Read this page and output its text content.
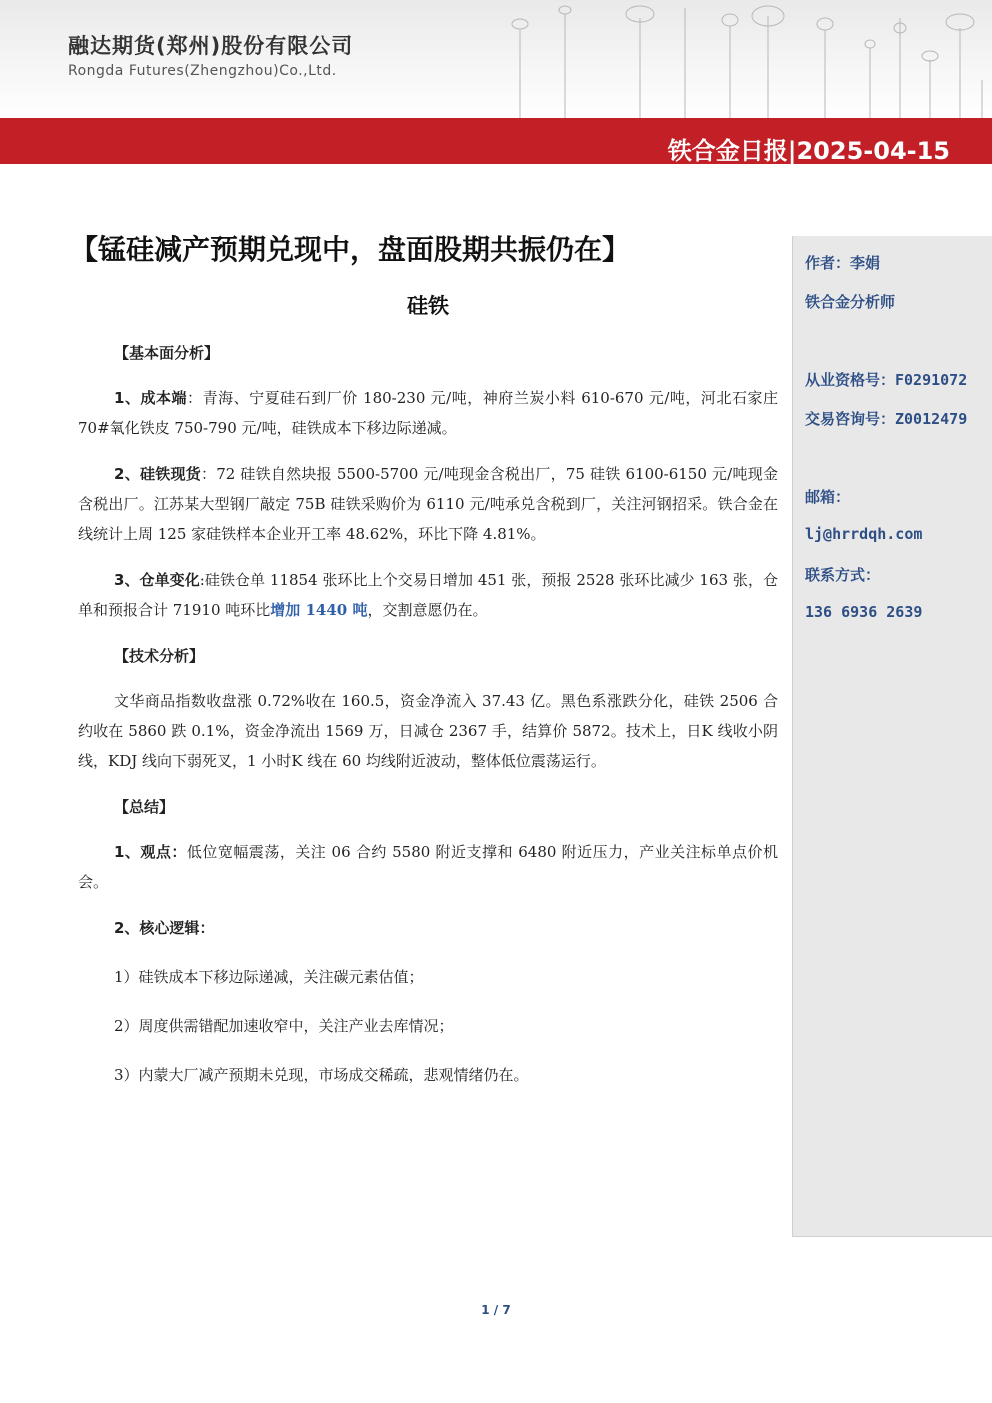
融达期货(郑州)股份有限公司
Rongda Futures(Zhengzhou)Co.,Ltd.
铁合金日报|2025-04-15
【锰硅减产预期兑现中，盘面股期共振仍在】
硅铁
【基本面分析】

1、成本端：青海、宁夏硅石到厂价 180-230 元/吨，神府兰炭小料 610-670 元/吨，河北石家庄 70#氧化铁皮 750-790 元/吨，硅铁成本下移边际递减。

2、硅铁现货：72 硅铁自然块报 5500-5700 元/吨现金含税出厂，75 硅铁 6100-6150 元/吨现金含税出厂。江苏某大型钢厂敲定 75B 硅铁采购价为 6110 元/吨承兑含税到厂，关注河钢招采。铁合金在线统计上周 125 家硅铁样本企业开工率 48.62%，环比下降 4.81%。

3、仓单变化:硅铁仓单 11854 张环比上个交易日增加 451 张，预报 2528 张环比减少 163 张，仓单和预报合计 71910 吨环比增加 1440 吨，交割意愿仍在。

【技术分析】

文华商品指数收盘涨 0.72%收在 160.5，资金净流入 37.43 亿。黑色系涨跌分化，硅铁 2506 合约收在 5860 跌 0.1%，资金净流出 1569 万，日减仓 2367 手，结算价 5872。技术上，日K 线收小阴线，KDJ 线向下弱死叉，1 小时K 线在 60 均线附近波动，整体低位震荡运行。

【总结】

1、观点：低位宽幅震荡，关注 06 合约 5580 附近支撑和 6480 附近压力，产业关注标单点价机会。

2、核心逻辑：
1）硅铁成本下移边际递减，关注碳元素估值；
2）周度供需错配加速收窄中，关注产业去库情况；
3）内蒙大厂减产预期未兑现，市场成交稀疏，悲观情绪仍在。
作者：李娟
铁合金分析师
从业资格号：F0291072
交易咨询号：Z0012479
邮箱：
lj@hrrdqh.com
联系方式：
136 6936 2639
1 / 7
